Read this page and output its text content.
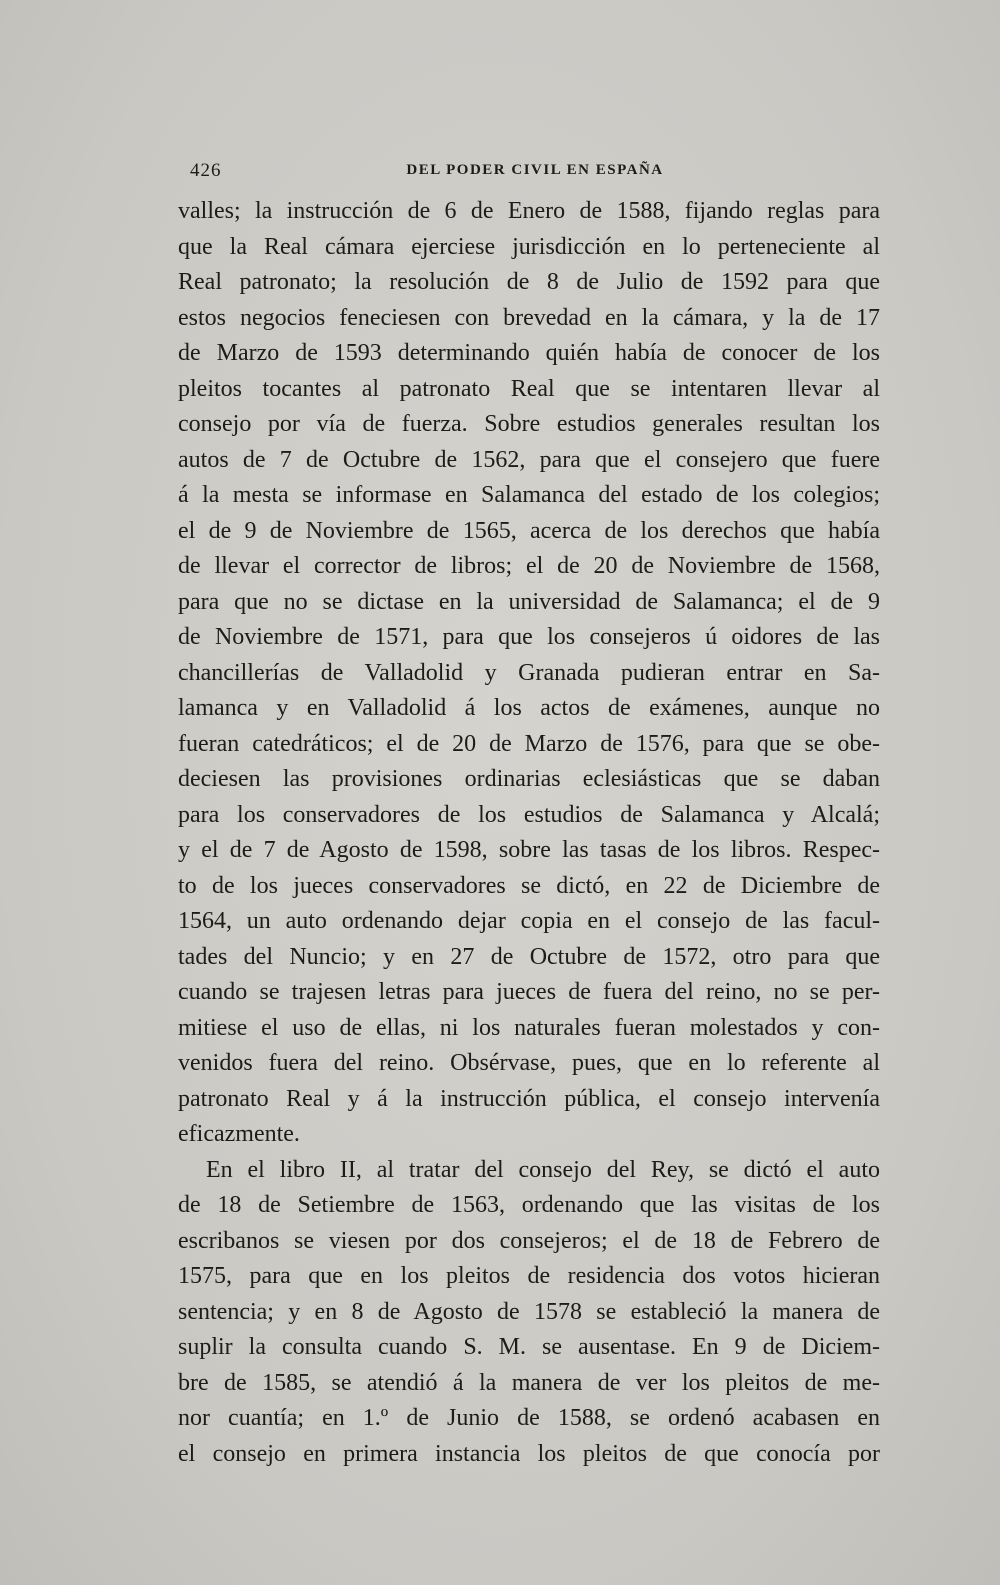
426	DEL PODER CIVIL EN ESPAÑA
valles; la instrucción de 6 de Enero de 1588, fijando reglas para
que la Real cámara ejerciese jurisdicción en lo perteneciente al
Real patronato; la resolución de 8 de Julio de 1592 para que
estos negocios feneciesen con brevedad en la cámara, y la de 17
de Marzo de 1593 determinando quién había de conocer de los
pleitos tocantes al patronato Real que se intentaren llevar al
consejo por vía de fuerza. Sobre estudios generales resultan los
autos de 7 de Octubre de 1562, para que el consejero que fuere
á la mesta se informase en Salamanca del estado de los colegios;
el de 9 de Noviembre de 1565, acerca de los derechos que había
de llevar el corrector de libros; el de 20 de Noviembre de 1568,
para que no se dictase en la universidad de Salamanca; el de 9
de Noviembre de 1571, para que los consejeros ú oidores de las
chancillerías de Valladolid y Granada pudieran entrar en Sa-
lamanca y en Valladolid á los actos de exámenes, aunque no
fueran catedráticos; el de 20 de Marzo de 1576, para que se obe-
deciesen las provisiones ordinarias eclesiásticas que se daban
para los conservadores de los estudios de Salamanca y Alcalá;
y el de 7 de Agosto de 1598, sobre las tasas de los libros. Respec-
to de los jueces conservadores se dictó, en 22 de Diciembre de
1564, un auto ordenando dejar copia en el consejo de las facul-
tades del Nuncio; y en 27 de Octubre de 1572, otro para que
cuando se trajesen letras para jueces de fuera del reino, no se per-
mitiese el uso de ellas, ni los naturales fueran molestados y con-
venidos fuera del reino. Obsérvase, pues, que en lo referente al
patronato Real y á la instrucción pública, el consejo intervenía
eficazmente.
En el libro II, al tratar del consejo del Rey, se dictó el auto
de 18 de Setiembre de 1563, ordenando que las visitas de los
escribanos se viesen por dos consejeros; el de 18 de Febrero de
1575, para que en los pleitos de residencia dos votos hicieran
sentencia; y en 8 de Agosto de 1578 se estableció la manera de
suplir la consulta cuando S. M. se ausentase. En 9 de Diciem-
bre de 1585, se atendió á la manera de ver los pleitos de me-
nor cuantía; en 1.º de Junio de 1588, se ordenó acabasen en
el consejo en primera instancia los pleitos de que conocía por
